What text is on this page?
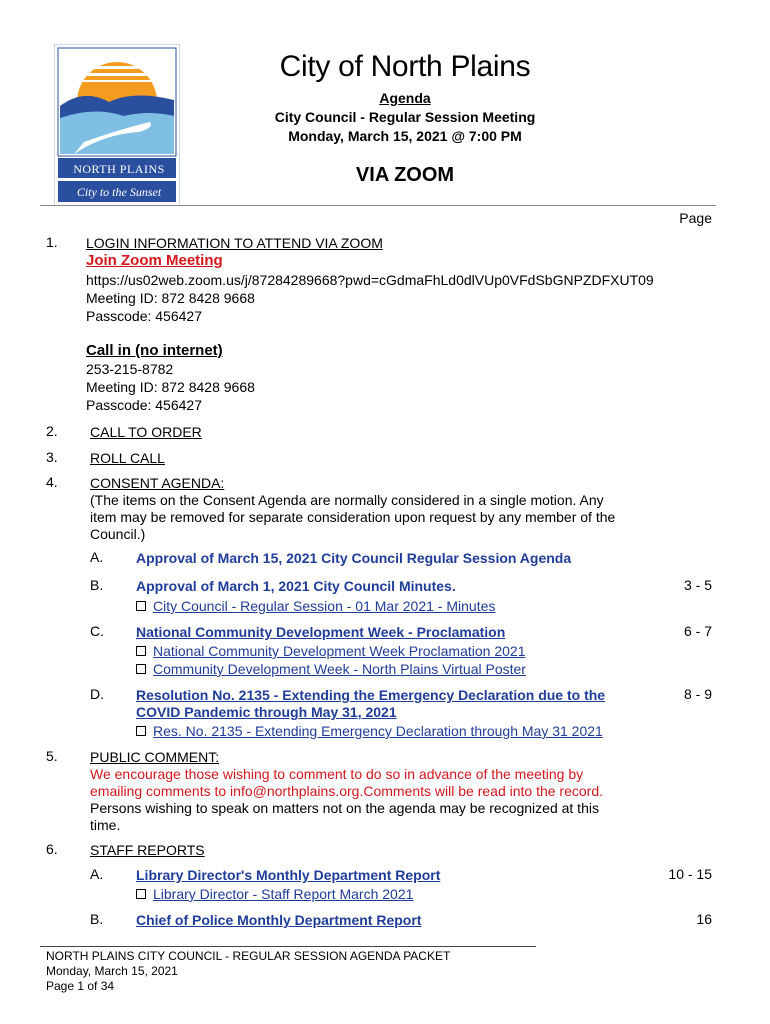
NORTH PLAINS
City to the Sunset
City of North Plains
Agenda
City Council - Regular Session Meeting
Monday, March 15, 2021 @ 7:00 PM
VIA ZOOM
Page
1. LOGIN INFORMATION TO ATTEND VIA ZOOM
Join Zoom Meeting
https://us02web.zoom.us/j/87284289668?pwd=cGdmaFhLd0dlVUp0VFdSbGNPZDFXUT09
Meeting ID: 872 8428 9668
Passcode: 456427
Call in (no internet)
253-215-8782
Meeting ID: 872 8428 9668
Passcode: 456427
2. CALL TO ORDER
3. ROLL CALL
4. CONSENT AGENDA:
(The items on the Consent Agenda are normally considered in a single motion. Any
item may be removed for separate consideration upon request by any member of the
Council.)
A. Approval of March 15, 2021 City Council Regular Session Agenda
B. Approval of March 1, 2021 City Council Minutes.	3 - 5
City Council - Regular Session - 01 Mar 2021 - Minutes
C. National Community Development Week - Proclamation	6 - 7
National Community Development Week Proclamation 2021
Community Development Week - North Plains Virtual Poster
D. Resolution No. 2135 - Extending the Emergency Declaration due to the
COVID Pandemic through May 31, 2021
8 - 9
Res. No. 2135 - Extending Emergency Declaration through May 31 2021
5. PUBLIC COMMENT:
We encourage those wishing to comment to do so in advance of the meeting by
emailing comments to info@northplains.org.Comments will be read into the record.
Persons wishing to speak on matters not on the agenda may be recognized at this
time.
6. STAFF REPORTS
A. Library Director's Monthly Department Report	10 - 15
Library Director - Staff Report March 2021
B. Chief of Police Monthly Department Report	16
NORTH PLAINS CITY COUNCIL - REGULAR SESSION AGENDA PACKET
Monday, March 15, 2021
Page 1 of 34
